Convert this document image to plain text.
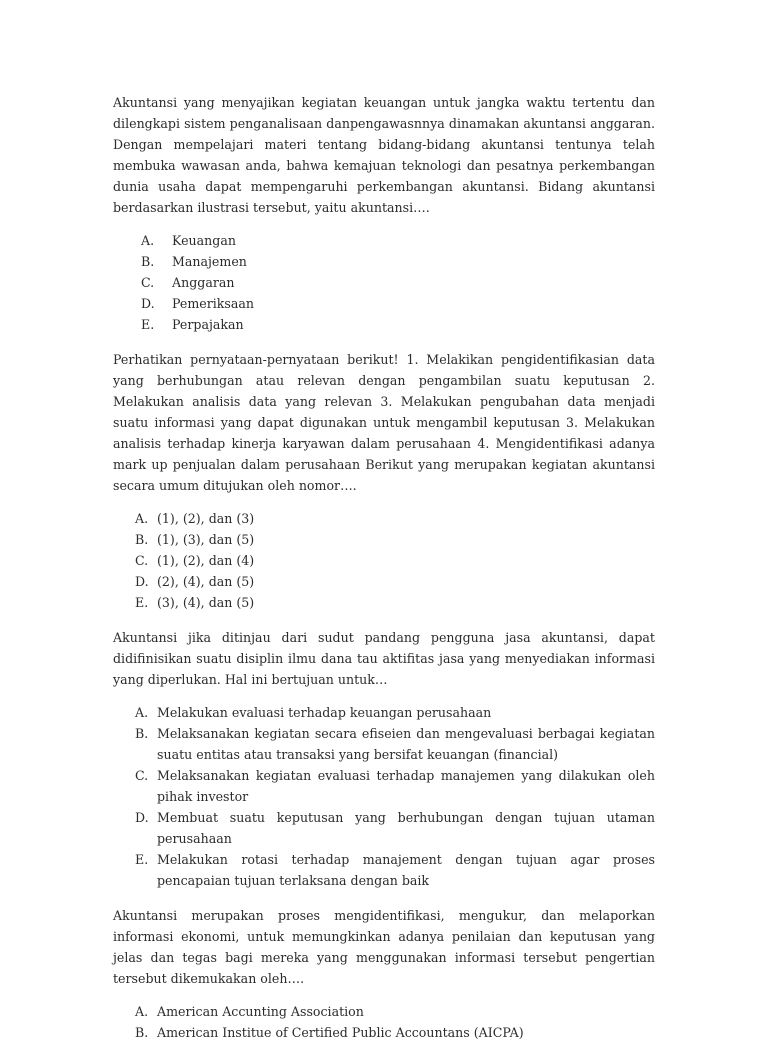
Akuntansi yang menyajikan kegiatan keuangan untuk jangka waktu tertentu dan dilengkapi sistem penganalisaan danpengawasnnya dinamakan akuntansi anggaran. Dengan mempelajari materi tentang bidang-bidang akuntansi tentunya telah membuka wawasan anda, bahwa kemajuan teknologi dan pesatnya perkembangan dunia usaha dapat mempengaruhi perkembangan akuntansi. Bidang akuntansi berdasarkan ilustrasi tersebut, yaitu akuntansi….

A.	Keuangan
B.	Manajemen
C.	Anggaran
D.	Pemeriksaan
E.	Perpajakan

Perhatikan pernyataan-pernyataan berikut! 1. Melakikan pengidentifikasian data yang berhubungan atau relevan dengan pengambilan suatu keputusan 2. Melakukan analisis data yang relevan 3. Melakukan pengubahan data menjadi suatu informasi yang dapat digunakan untuk mengambil keputusan 3. Melakukan analisis terhadap kinerja karyawan dalam perusahaan 4. Mengidentifikasi adanya mark up penjualan dalam perusahaan Berikut yang merupakan kegiatan akuntansi secara umum ditujukan oleh nomor….

A. (1), (2), dan (3)
B. (1), (3), dan (5)
C. (1), (2), dan (4)
D. (2), (4), dan (5)
E. (3), (4), dan (5)

Akuntansi jika ditinjau dari sudut pandang pengguna jasa akuntansi, dapat didifinisikan suatu disiplin ilmu dana tau aktifitas jasa yang menyediakan informasi yang diperlukan. Hal ini bertujuan untuk…

A. Melakukan evaluasi terhadap keuangan perusahaan
B. Melaksanakan kegiatan secara efiseien dan mengevaluasi berbagai kegiatan suatu entitas atau transaksi yang bersifat keuangan (financial)
C. Melaksanakan kegiatan evaluasi terhadap manajemen yang dilakukan oleh pihak investor
D. Membuat suatu keputusan yang berhubungan dengan tujuan utaman perusahaan
E. Melakukan rotasi terhadap manajement dengan tujuan agar proses pencapaian tujuan terlaksana dengan baik

Akuntansi merupakan proses mengidentifikasi, mengukur, dan melaporkan informasi ekonomi, untuk memungkinkan adanya penilaian dan keputusan yang jelas dan tegas bagi mereka yang menggunakan informasi tersebut pengertian tersebut dikemukakan oleh….

A. American Accunting Association
B. American Institue of Certified Public Accountans (AICPA)
